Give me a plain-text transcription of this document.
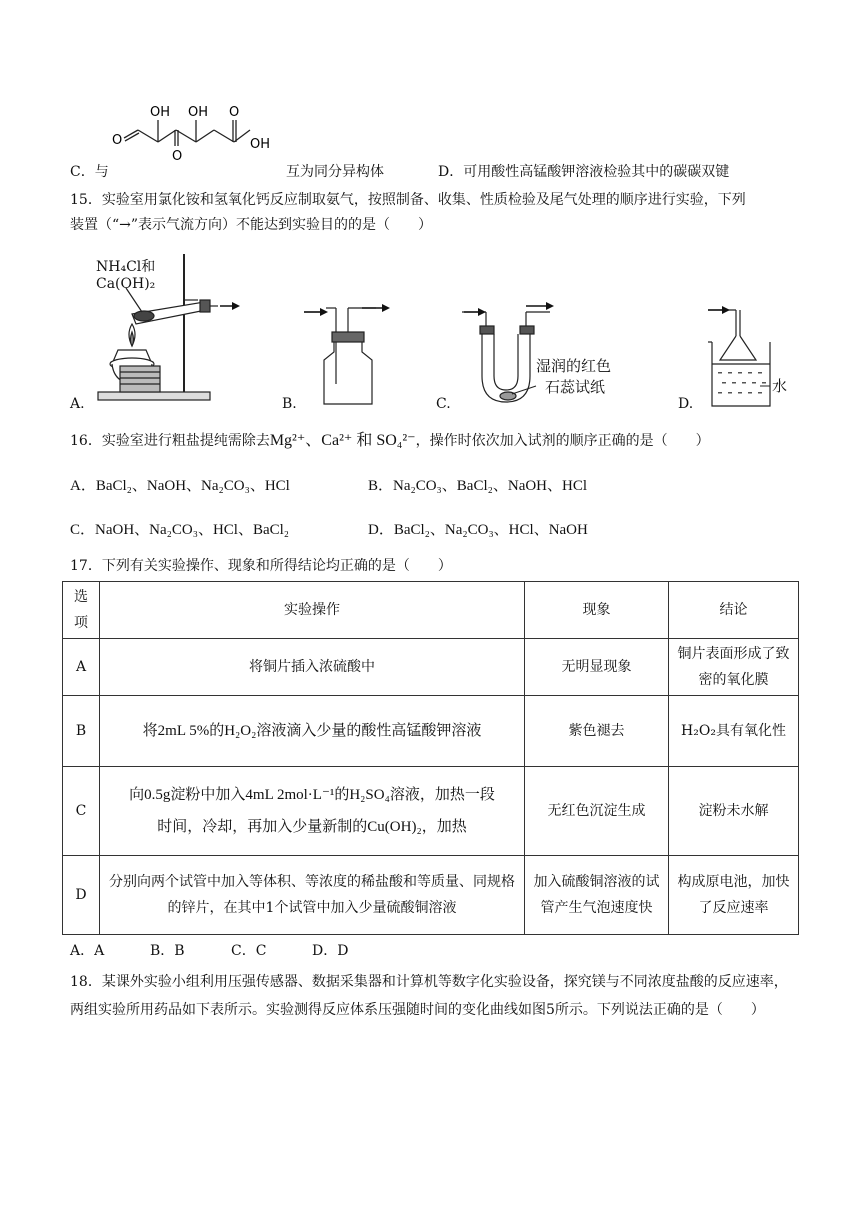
OH OH
O
O
O
OH
C．与	互为同分异构体	D．可用酸性高锰酸钾溶液检验其中的碳碳双键
15．实验室用氯化铵和氢氧化钙反应制取氨气，按照制备、收集、性质检验及尾气处理的顺序进行实验，下列
装置（“→”表示气流方向）不能达到实验目的的是（　　）
NH₄Cl和
Ca(OH)₂
A.	B.
湿润的红色
石蕊试纸
C.
水
D.
16．实验室进行粗盐提纯需除去Mg²⁺、Ca²⁺ 和 SO₄²⁻，操作时依次加入试剂的顺序正确的是（　　）
A．BaCl₂、NaOH、Na₂CO₃、HCl	B．Na₂CO₃、BaCl₂、NaOH、HCl
C．NaOH、Na₂CO₃、HCl、BaCl₂	D．BaCl₂、Na₂CO₃、HCl、NaOH
17．下列有关实验操作、现象和所得结论均正确的是（　　）
选
项	实验操作	现象	结论
A	将铜片插入浓硫酸中	无明显现象	铜片表面形成了致密的氧化膜
B	将2mL 5%的H₂O₂溶液滴入少量的酸性高锰酸钾溶液	紫色褪去	H₂O₂具有氧化性
C	向0.5g淀粉中加入4mL 2mol·L⁻¹的H₂SO₄溶液，加热一段
时间，冷却，再加入少量新制的Cu(OH)₂，加热	无红色沉淀生成	淀粉未水解
D	分别向两个试管中加入等体积、等浓度的稀盐酸和等质量、同规格的锌片，在其中1个试管中加入少量硫酸铜溶液	加入硫酸铜溶液的试管产生气泡速度快	构成原电池，加快了反应速率
A．A	B．B	C．C	D．D
18．某课外实验小组利用压强传感器、数据采集器和计算机等数字化实验设备，探究镁与不同浓度盐酸的反应速率，两组实验所用药品如下表所示。实验测得反应体系压强随时间的变化曲线如图5所示。下列说法正确的是（　　）
